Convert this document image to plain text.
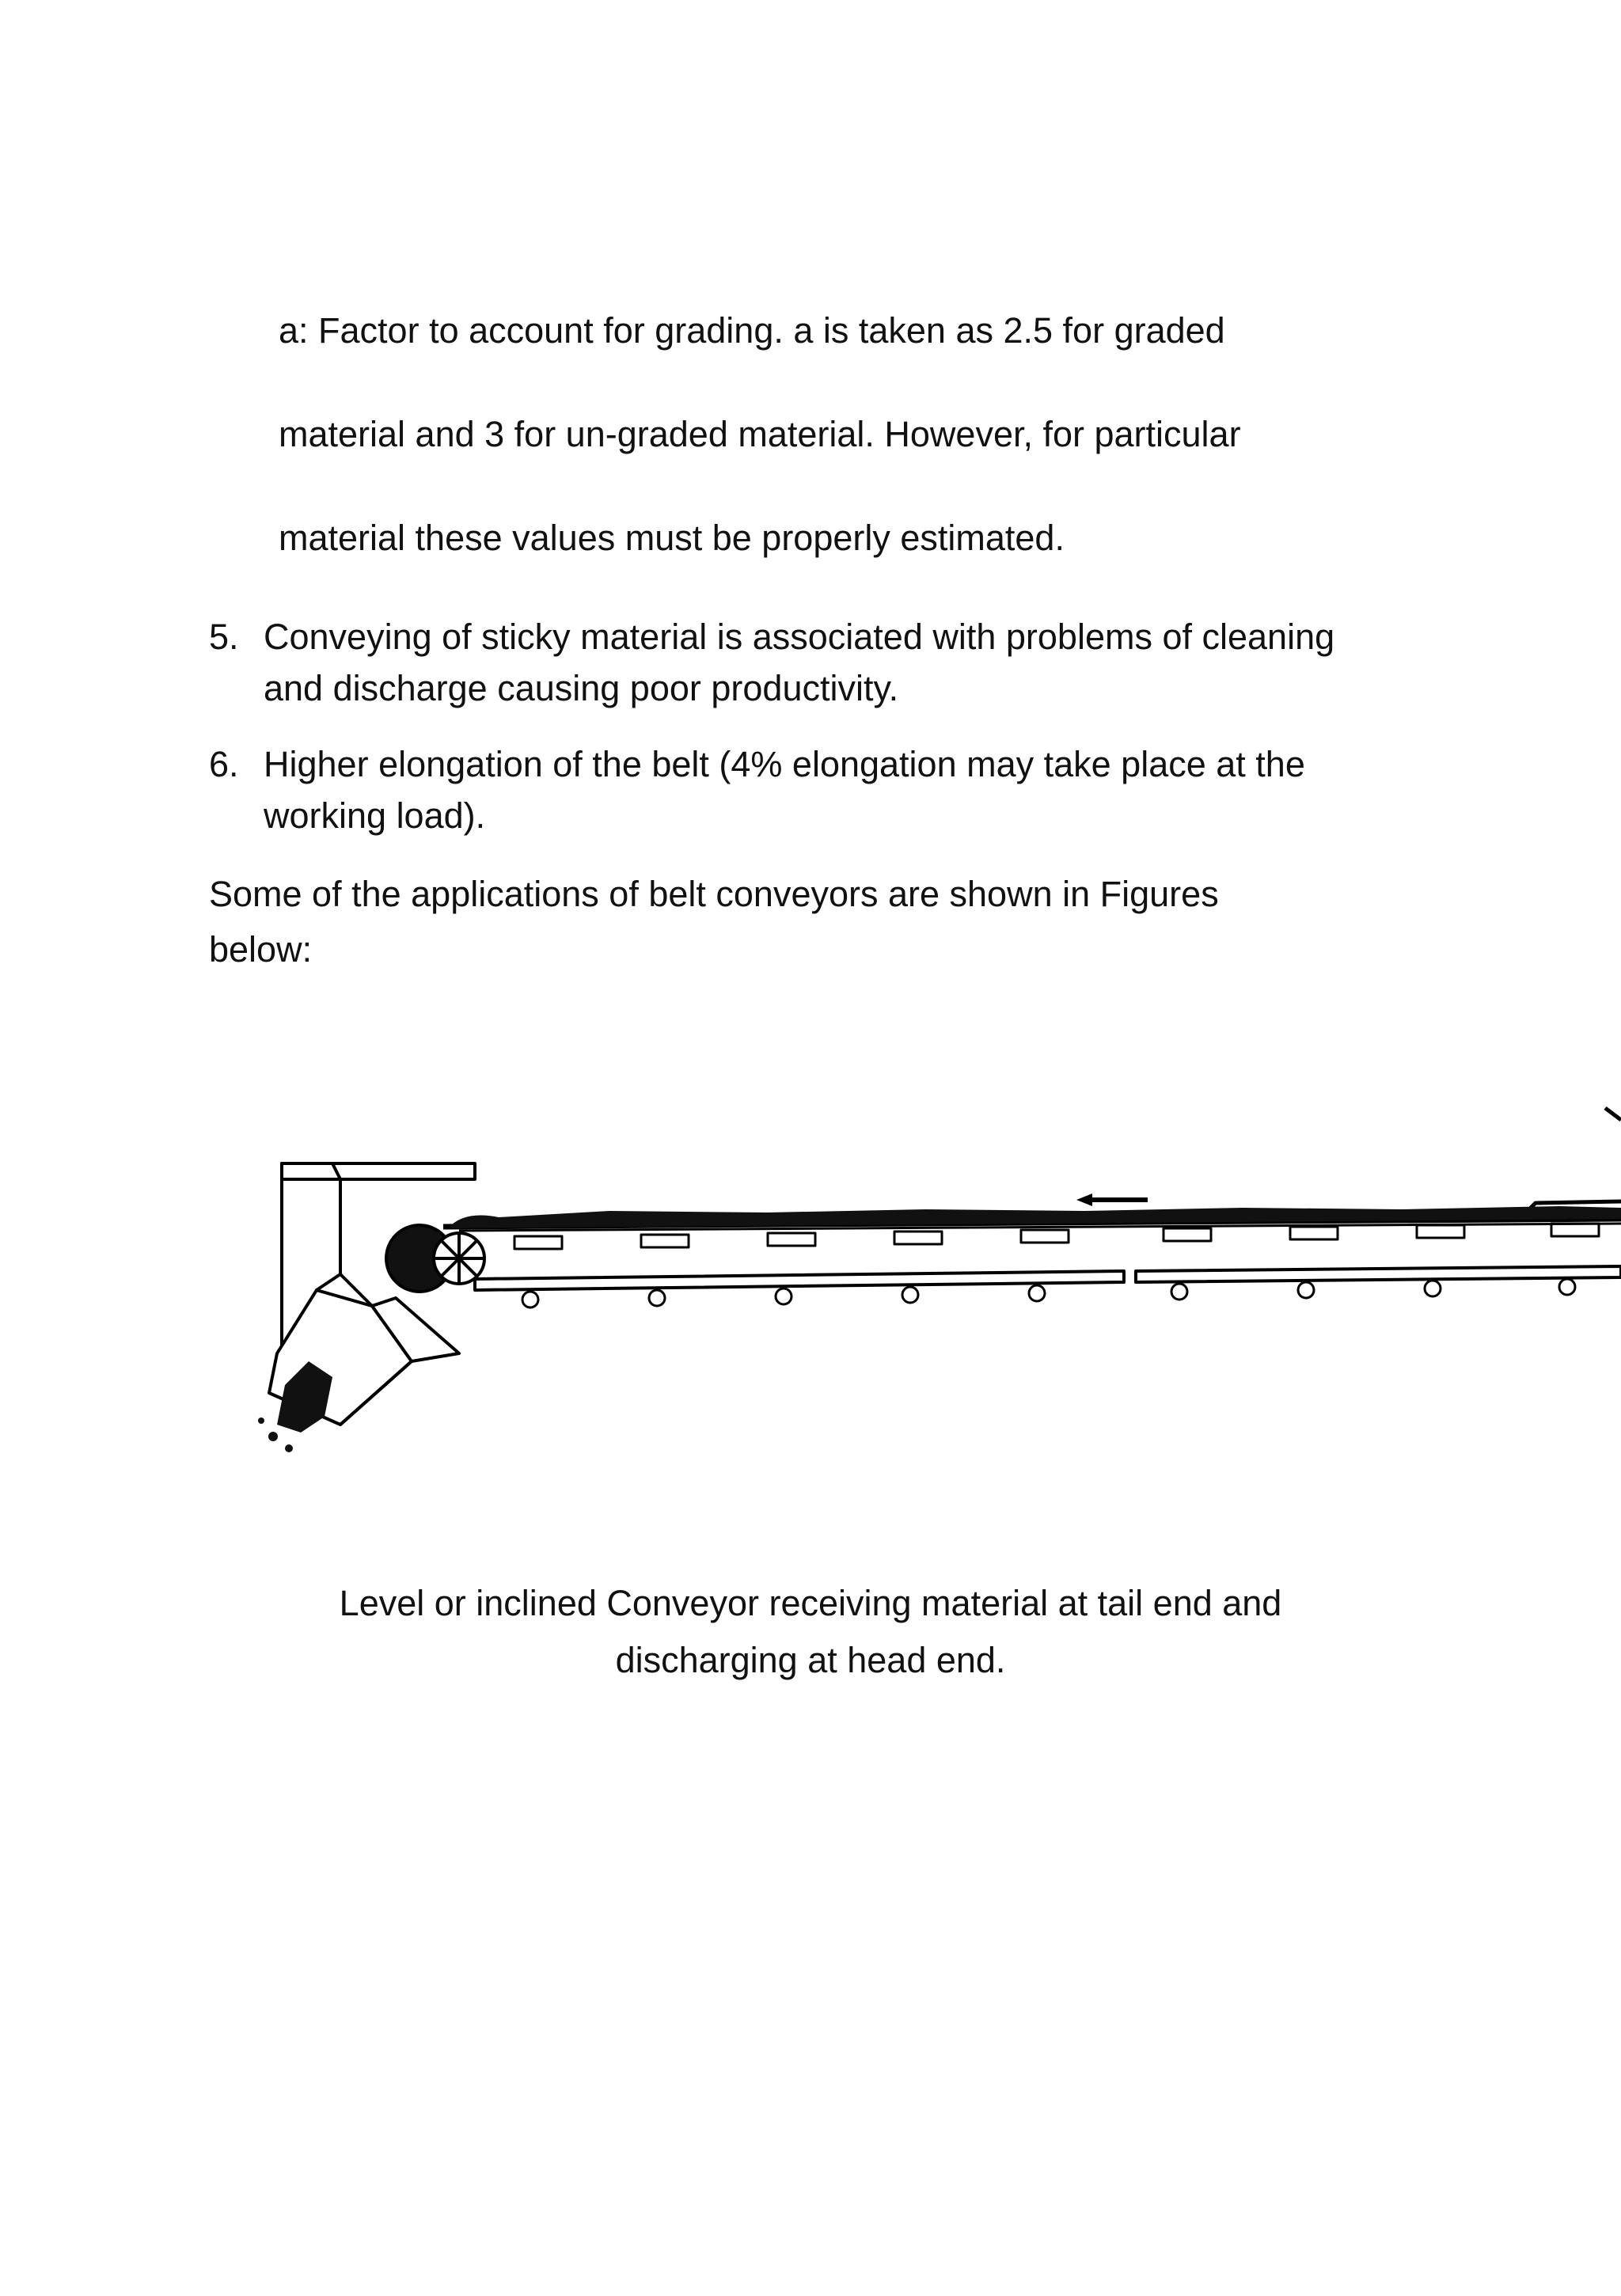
a: Factor to account for grading. a is taken as 2.5 for graded
material and 3 for un-graded material. However, for particular
material these values must be properly estimated.
5. Conveying of sticky material is associated with problems of cleaning
and discharge causing poor productivity.
6. Higher elongation of the belt (4% elongation may take place at the
working load).
Some of the applications of belt conveyors are shown in Figures
below:
Level or inclined Conveyor receiving material at tail end and
discharging at head end.
